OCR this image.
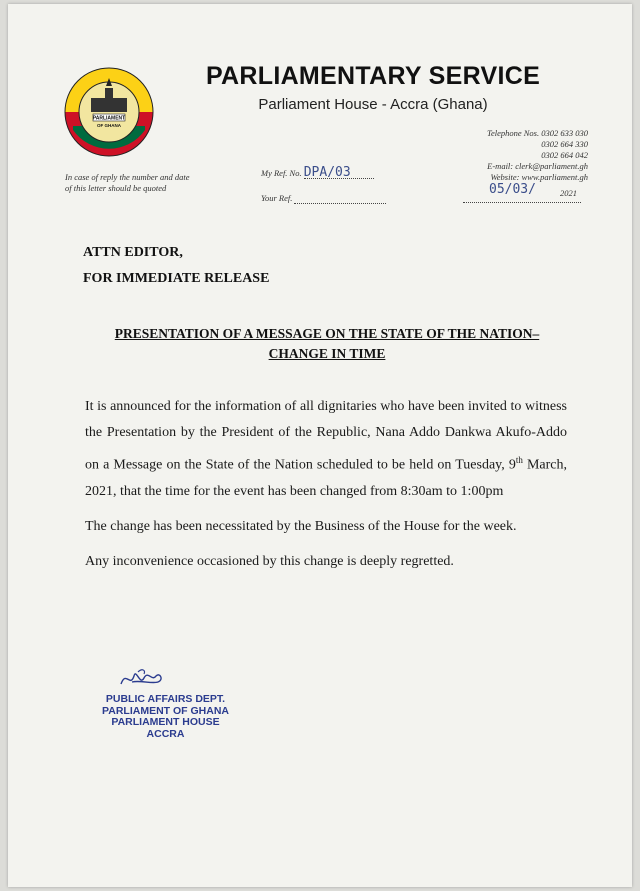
PARLIAMENT
OF GHANA
PARLIAMENTARY SERVICE
Parliament House - Accra (Ghana)
In case of reply the number and date of this letter should be quoted
My Ref. No. DPA/03
Your Ref.
Telephone Nos. 0302 633 030
0302 664 330
0302 664 042
E-mail: clerk@parliament.gh
Website: www.parliament.gh
05/03/	2021
ATTN EDITOR,
FOR IMMEDIATE RELEASE
PRESENTATION OF A MESSAGE ON THE STATE OF THE NATION–
CHANGE IN TIME

It is announced for the information of all dignitaries who have been invited to witness the Presentation by the President of the Republic, Nana Addo Dankwa Akufo-Addo on a Message on the State of the Nation scheduled to be held on Tuesday, 9th March, 2021, that the time for the event has been changed from 8:30am to 1:00pm

The change has been necessitated by the Business of the House for the week.

Any inconvenience occasioned by this change is deeply regretted.

PUBLIC AFFAIRS DEPT.
PARLIAMENT OF GHANA
PARLIAMENT HOUSE
ACCRA
